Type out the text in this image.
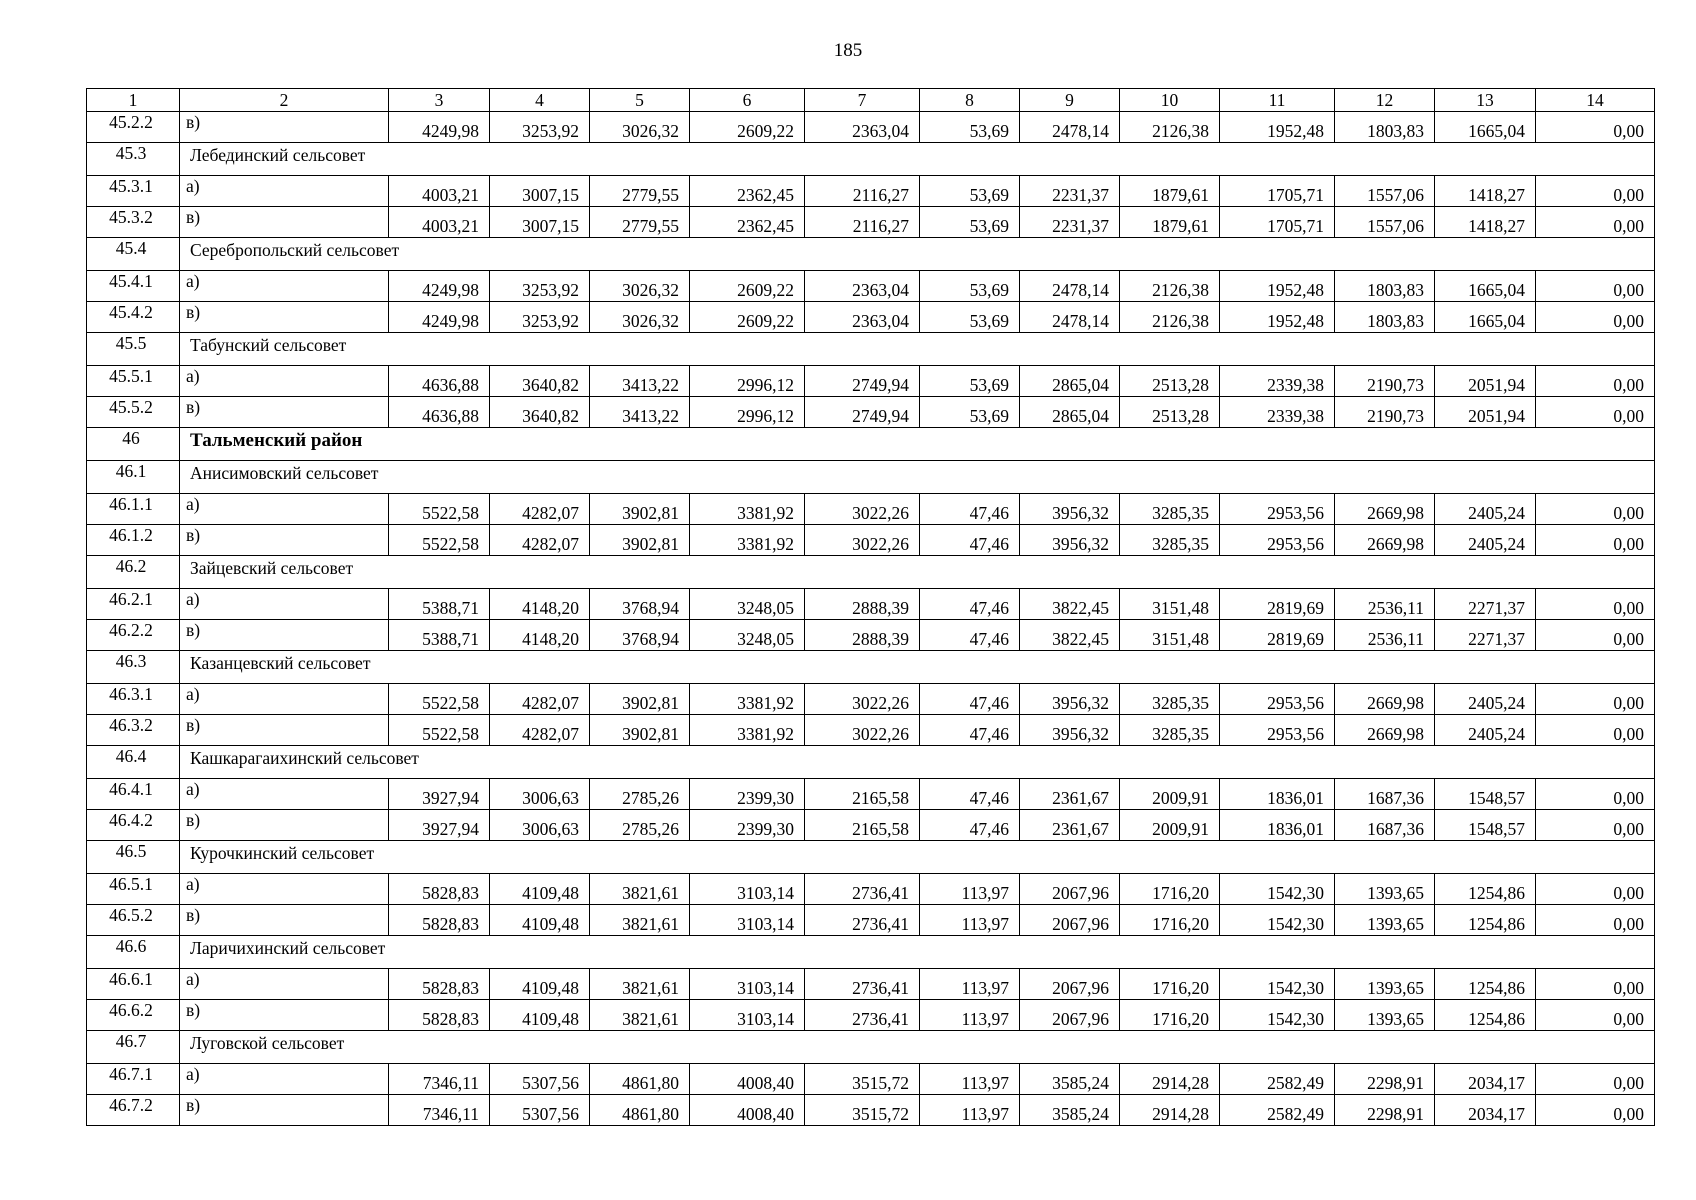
185
1	2	3	4	5	6	7	8	9	10	11	12	13	14
45.2.2	в)	4249,98	3253,92	3026,32	2609,22	2363,04	53,69	2478,14	2126,38	1952,48	1803,83	1665,04	0,00
45.3	Лебединский сельсовет												
45.3.1	а)	4003,21	3007,15	2779,55	2362,45	2116,27	53,69	2231,37	1879,61	1705,71	1557,06	1418,27	0,00
45.3.2	в)	4003,21	3007,15	2779,55	2362,45	2116,27	53,69	2231,37	1879,61	1705,71	1557,06	1418,27	0,00
45.4	Серебропольский сельсовет												
45.4.1	а)	4249,98	3253,92	3026,32	2609,22	2363,04	53,69	2478,14	2126,38	1952,48	1803,83	1665,04	0,00
45.4.2	в)	4249,98	3253,92	3026,32	2609,22	2363,04	53,69	2478,14	2126,38	1952,48	1803,83	1665,04	0,00
45.5	Табунский сельсовет												
45.5.1	а)	4636,88	3640,82	3413,22	2996,12	2749,94	53,69	2865,04	2513,28	2339,38	2190,73	2051,94	0,00
45.5.2	в)	4636,88	3640,82	3413,22	2996,12	2749,94	53,69	2865,04	2513,28	2339,38	2190,73	2051,94	0,00
46	Тальменский район												
46.1	Анисимовский сельсовет												
46.1.1	а)	5522,58	4282,07	3902,81	3381,92	3022,26	47,46	3956,32	3285,35	2953,56	2669,98	2405,24	0,00
46.1.2	в)	5522,58	4282,07	3902,81	3381,92	3022,26	47,46	3956,32	3285,35	2953,56	2669,98	2405,24	0,00
46.2	Зайцевский сельсовет												
46.2.1	а)	5388,71	4148,20	3768,94	3248,05	2888,39	47,46	3822,45	3151,48	2819,69	2536,11	2271,37	0,00
46.2.2	в)	5388,71	4148,20	3768,94	3248,05	2888,39	47,46	3822,45	3151,48	2819,69	2536,11	2271,37	0,00
46.3	Казанцевский сельсовет												
46.3.1	а)	5522,58	4282,07	3902,81	3381,92	3022,26	47,46	3956,32	3285,35	2953,56	2669,98	2405,24	0,00
46.3.2	в)	5522,58	4282,07	3902,81	3381,92	3022,26	47,46	3956,32	3285,35	2953,56	2669,98	2405,24	0,00
46.4	Кашкарагаихинский сельсовет												
46.4.1	а)	3927,94	3006,63	2785,26	2399,30	2165,58	47,46	2361,67	2009,91	1836,01	1687,36	1548,57	0,00
46.4.2	в)	3927,94	3006,63	2785,26	2399,30	2165,58	47,46	2361,67	2009,91	1836,01	1687,36	1548,57	0,00
46.5	Курочкинский сельсовет												
46.5.1	а)	5828,83	4109,48	3821,61	3103,14	2736,41	113,97	2067,96	1716,20	1542,30	1393,65	1254,86	0,00
46.5.2	в)	5828,83	4109,48	3821,61	3103,14	2736,41	113,97	2067,96	1716,20	1542,30	1393,65	1254,86	0,00
46.6	Ларичихинский сельсовет												
46.6.1	а)	5828,83	4109,48	3821,61	3103,14	2736,41	113,97	2067,96	1716,20	1542,30	1393,65	1254,86	0,00
46.6.2	в)	5828,83	4109,48	3821,61	3103,14	2736,41	113,97	2067,96	1716,20	1542,30	1393,65	1254,86	0,00
46.7	Луговской сельсовет												
46.7.1	а)	7346,11	5307,56	4861,80	4008,40	3515,72	113,97	3585,24	2914,28	2582,49	2298,91	2034,17	0,00
46.7.2	в)	7346,11	5307,56	4861,80	4008,40	3515,72	113,97	3585,24	2914,28	2582,49	2298,91	2034,17	0,00
